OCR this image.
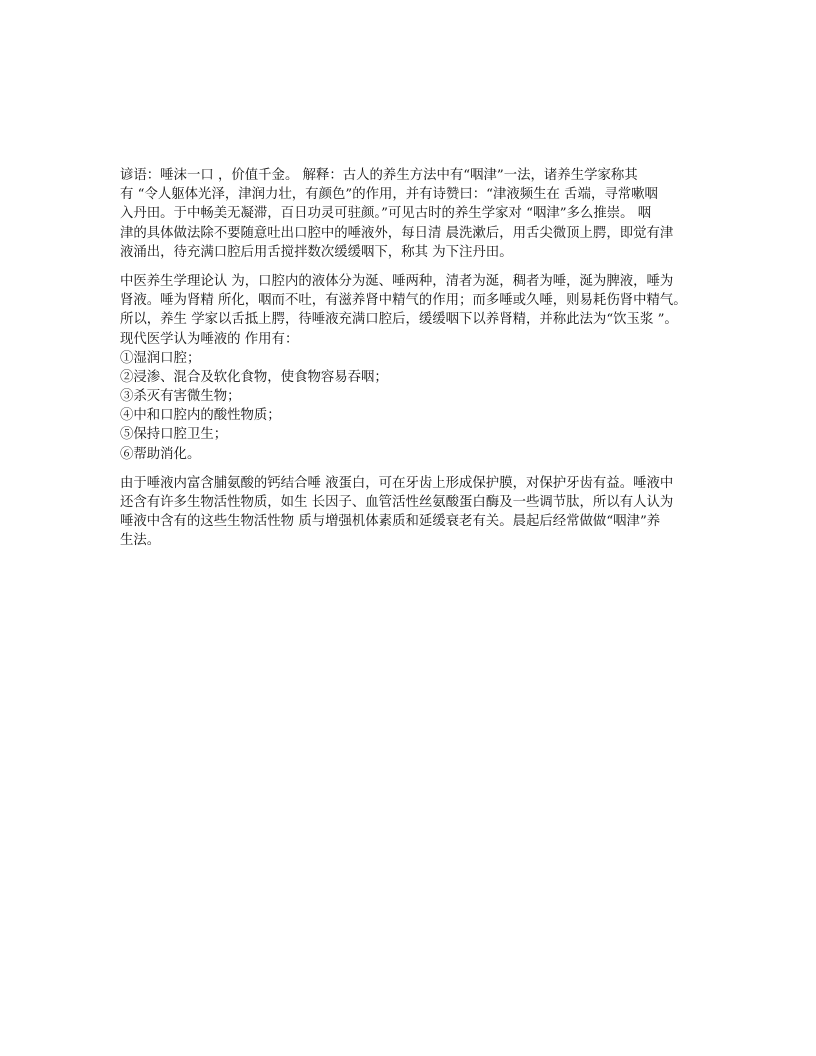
谚语：唾沫一口 ，价值千金。 解释：古人的养生方法中有“咽津”一法，诸养生学家称其
有 “令人躯体光泽，津润力壮，有颜色”的作用，并有诗赞曰：“津液频生在 舌端，寻常嗽咽
入丹田。于中畅美无凝滞，百日功灵可驻颜。”可见古时的养生学家对 “咽津”多么推崇。 咽
津的具体做法除不要随意吐出口腔中的唾液外，每日清 晨洗漱后，用舌尖微顶上腭，即觉有津
液涌出，待充满口腔后用舌搅拌数次缓缓咽下，称其 为下注丹田。
中医养生学理论认 为，口腔内的液体分为涎、唾两种，清者为涎，稠者为唾，涎为脾液，唾为
肾液。唾为肾精 所化，咽而不吐，有滋养肾中精气的作用；而多唾或久唾，则易耗伤肾中精气。
所以，养生 学家以舌抵上腭，待唾液充满口腔后，缓缓咽下以养肾精，并称此法为“饮玉浆 ”。
现代医学认为唾液的 作用有：
①湿润口腔；
②浸渗、混合及软化食物，使食物容易吞咽；
③杀灭有害微生物；
④中和口腔内的酸性物质；
⑤保持口腔卫生；
⑥帮助消化。
由于唾液内富含脯氨酸的钙结合唾 液蛋白，可在牙齿上形成保护膜，对保护牙齿有益。唾液中
还含有许多生物活性物质，如生 长因子、血管活性丝氨酸蛋白酶及一些调节肽，所以有人认为
唾液中含有的这些生物活性物 质与增强机体素质和延缓衰老有关。晨起后经常做做“咽津”养
生法。
